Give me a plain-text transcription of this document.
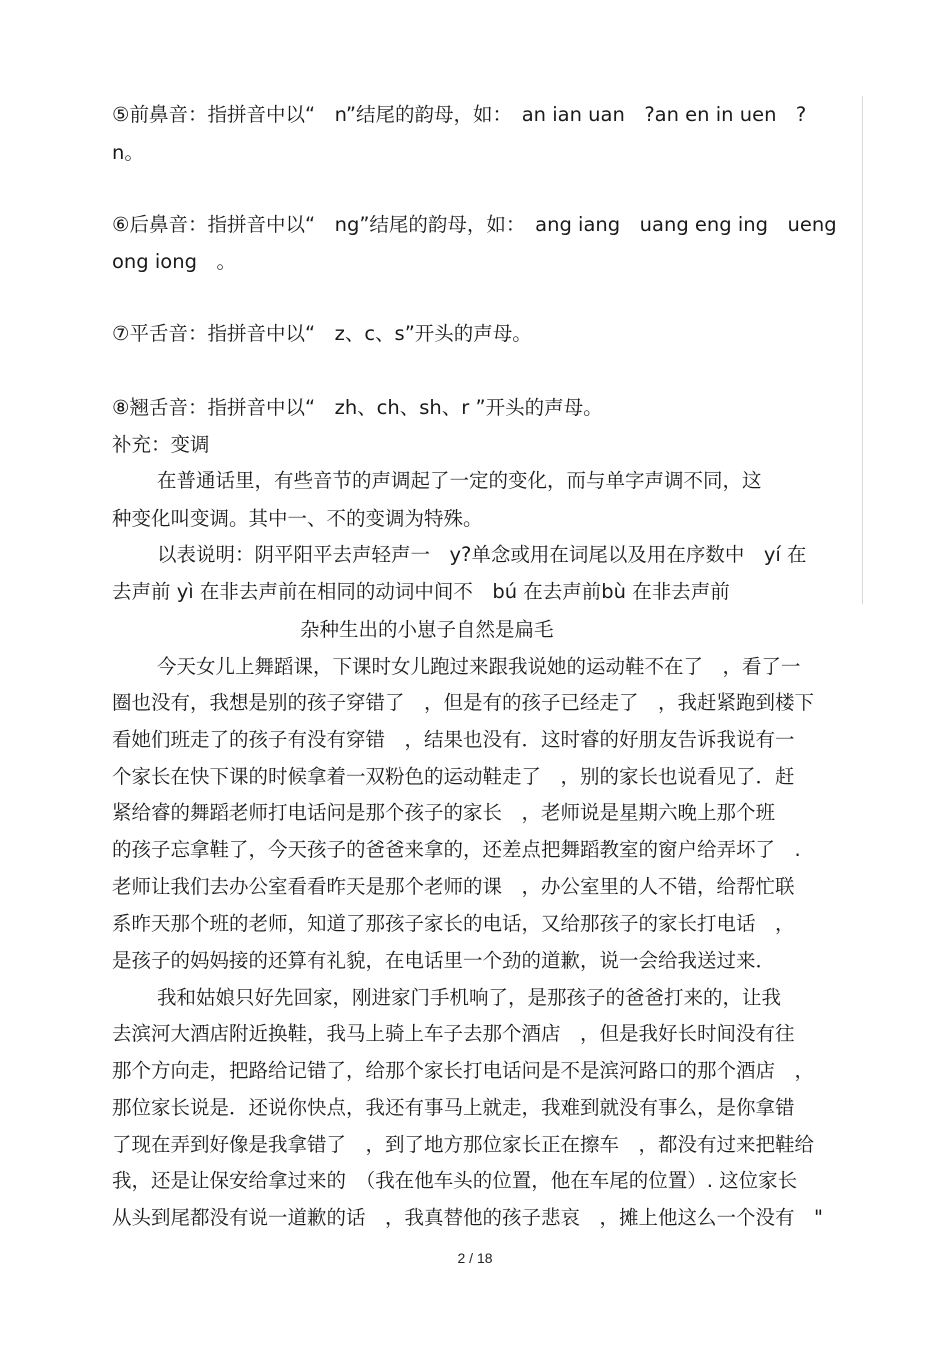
⑤前鼻音：指拼音中以“　n”结尾的韵母，如：　an ian uan　?an en in uen　?

n。

⑥后鼻音：指拼音中以“　ng”结尾的韵母，如：　ang iang　uang eng ing　ueng

ong iong　。

⑦平舌音：指拼音中以“　z、c、s”开头的声母。

⑧翘舌音：指拼音中以“　zh、ch、sh、r ”开头的声母。

补充：变调

在普通话里，有些音节的声调起了一定的变化，而与单字声调不同，这

种变化叫变调。其中一、不的变调为特殊。

以表说明：阴平阳平去声轻声一　y?单念或用在词尾以及用在序数中　yí 在

去声前 yì 在非去声前在相同的动词中间不　bú 在去声前bù 在非去声前

杂种生出的小崽子自然是扁毛

今天女儿上舞蹈课，下课时女儿跑过来跟我说她的运动鞋不在了　，看了一

圈也没有，我想是别的孩子穿错了　，但是有的孩子已经走了　，我赶紧跑到楼下

看她们班走了的孩子有没有穿错　，结果也没有．这时睿的好朋友告诉我说有一

个家长在快下课的时候拿着一双粉色的运动鞋走了　，别的家长也说看见了．赶

紧给睿的舞蹈老师打电话问是那个孩子的家长　，老师说是星期六晚上那个班

的孩子忘拿鞋了，今天孩子的爸爸来拿的，还差点把舞蹈教室的窗户给弄坏了　.

老师让我们去办公室看看昨天是那个老师的课　，办公室里的人不错，给帮忙联

系昨天那个班的老师，知道了那孩子家长的电话，又给那孩子的家长打电话　，

是孩子的妈妈接的还算有礼貌，在电话里一个劲的道歉，说一会给我送过来．

我和姑娘只好先回家，刚进家门手机响了，是那孩子的爸爸打来的，让我

去滨河大酒店附近换鞋，我马上骑上车子去那个酒店　，但是我好长时间没有往

那个方向走，把路给记错了，给那个家长打电话问是不是滨河路口的那个酒店　，

那位家长说是．还说你快点，我还有事马上就走，我难到就没有事么，是你拿错

了现在弄到好像是我拿错了　，到了地方那位家长正在擦车　，都没有过来把鞋给

我，还是让保安给拿过来的　（我在他车头的位置，他在车尾的位置）. 这位家长

从头到尾都没有说一道歉的话　，我真替他的孩子悲哀　，摊上他这么一个没有　"

2 / 18
